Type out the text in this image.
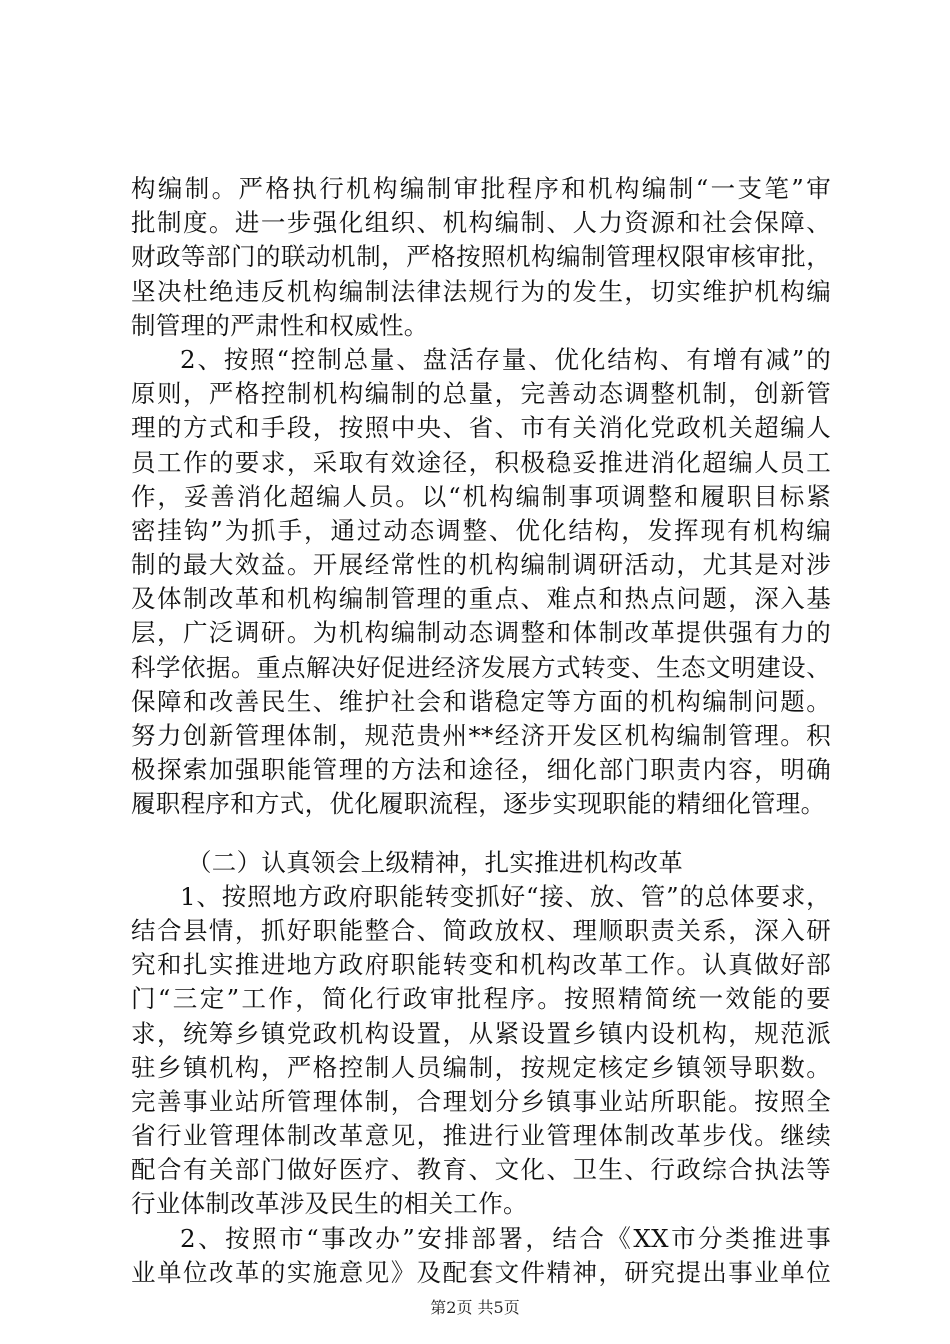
构编制。严格执行机构编制审批程序和机构编制“一支笔”审
批制度。进一步强化组织、机构编制、人力资源和社会保障、
财政等部门的联动机制，严格按照机构编制管理权限审核审批，
坚决杜绝违反机构编制法律法规行为的发生，切实维护机构编
制管理的严肃性和权威性。
2、按照“控制总量、盘活存量、优化结构、有增有减”的
原则，严格控制机构编制的总量，完善动态调整机制，创新管
理的方式和手段，按照中央、省、市有关消化党政机关超编人
员工作的要求，采取有效途径，积极稳妥推进消化超编人员工
作，妥善消化超编人员。以“机构编制事项调整和履职目标紧
密挂钩”为抓手，通过动态调整、优化结构，发挥现有机构编
制的最大效益。开展经常性的机构编制调研活动，尤其是对涉
及体制改革和机构编制管理的重点、难点和热点问题，深入基
层，广泛调研。为机构编制动态调整和体制改革提供强有力的
科学依据。重点解决好促进经济发展方式转变、生态文明建设、
保障和改善民生、维护社会和谐稳定等方面的机构编制问题。
努力创新管理体制，规范贵州**经济开发区机构编制管理。积
极探索加强职能管理的方法和途径，细化部门职责内容，明确
履职程序和方式，优化履职流程，逐步实现职能的精细化管理。
（二）认真领会上级精神，扎实推进机构改革
1、按照地方政府职能转变抓好“接、放、管”的总体要求，
结合县情，抓好职能整合、简政放权、理顺职责关系，深入研
究和扎实推进地方政府职能转变和机构改革工作。认真做好部
门“三定”工作，简化行政审批程序。按照精简统一效能的要
求，统筹乡镇党政机构设置，从紧设置乡镇内设机构，规范派
驻乡镇机构，严格控制人员编制，按规定核定乡镇领导职数。
完善事业站所管理体制，合理划分乡镇事业站所职能。按照全
省行业管理体制改革意见，推进行业管理体制改革步伐。继续
配合有关部门做好医疗、教育、文化、卫生、行政综合执法等
行业体制改革涉及民生的相关工作。
2、按照市“事改办”安排部署，结合《XX市分类推进事
业单位改革的实施意见》及配套文件精神，研究提出事业单位
第2页 共5页
